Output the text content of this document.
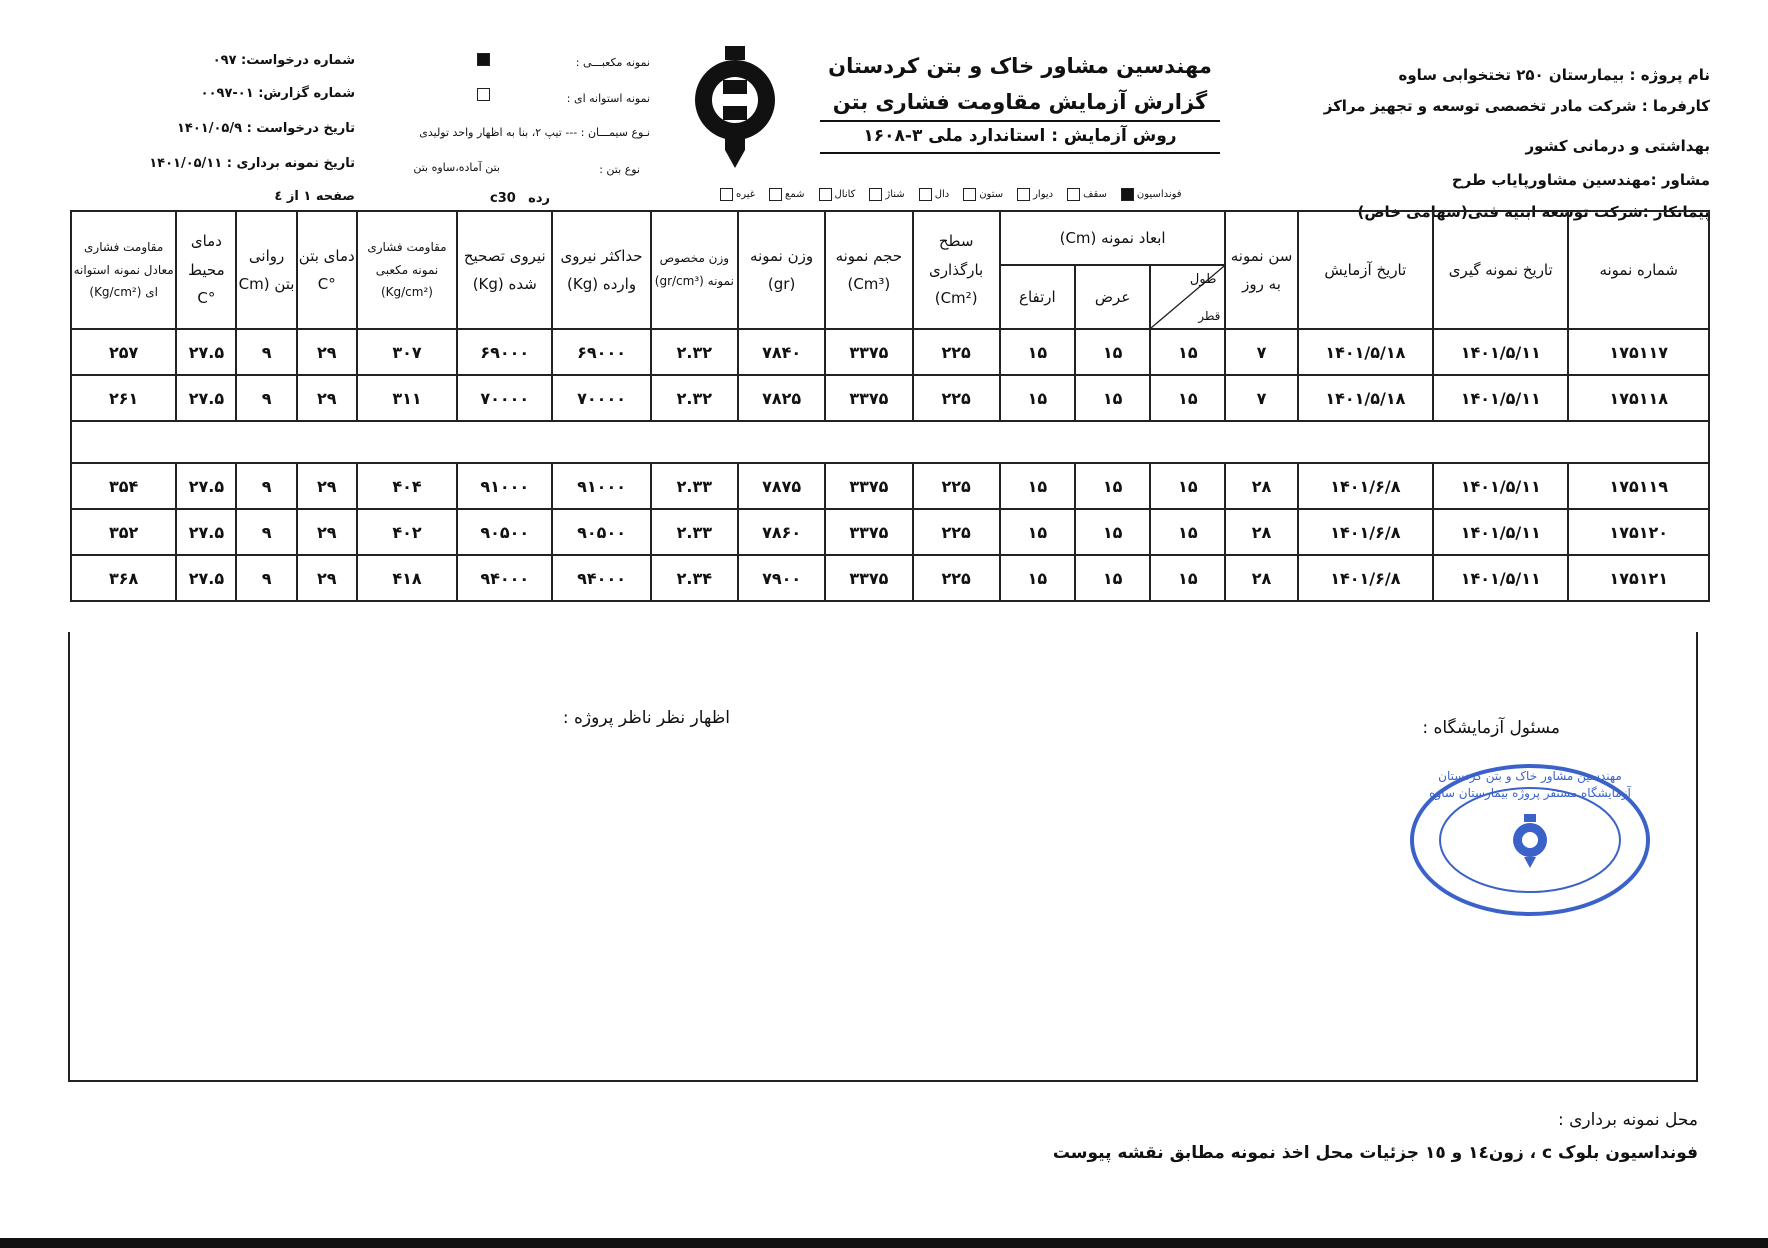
نام پروژه : بیمارستان ۲۵۰ تختخوابی ساوه
کارفرما : شرکت مادر تخصصی توسعه و تجهیز مراکز
بهداشتی و درمانی کشور
مشاور :مهندسین مشاورپایاب طرح
پیمانکار :شرکت توسعه ابنیه فنی(سهامی خاص)
مهندسین مشاور خاک و بتن کردستان
گزارش آزمایش مقاومت فشاری بتن
روش آزمایش : استاندارد ملی ۳-۱۶۰۸
نمونه مکعبـــی :
نمونه استوانه ای :
نـوع سیمـــان : --- تیپ ۲، بنا به اظهار واحد تولیدی
نوع بتن :
بتن آماده،ساوه بتن
شماره درخواست: ۰۹۷
شماره گزارش: ۰۱-۰۰۹۷
تاریخ درخواست : ۱۴۰۱/۰۵/۹
تاریخ نمونه برداری : ۱۴۰۱/۰۵/۱۱
صفحه ۱ از ٤	رده
c30	فونداسیون
سقف
دیوار
ستون
دال
شناژ
کانال
شمع
غیره
مقاومت فشاری معادل نمونه استوانه ای (Kg/cm²)	دمای محیط °C	روانی بتن (Cm	دمای بتن °C	مقاومت فشاری نمونه مکعبی (Kg/cm²)	نیروی تصحیح شده (Kg)	حداکثر نیروی وارده (Kg)	وزن مخصوص نمونه (gr/cm³)	وزن نمونه (gr)	حجم نمونه (Cm³)	سطح بارگذاری (Cm²)	ابعاد نمونه (Cm)			سن نمونه به روز	تاریخ آزمایش	تاریخ نمونه گیری	شماره نمونه
											ارتفاع	عرض	طول
قطر				

۲۵۷	۲۷.۵	۹	۲۹	۳۰۷	۶۹۰۰۰	۶۹۰۰۰	۲.۳۲	۷۸۴۰	۳۳۷۵	۲۲۵	۱۵	۱۵	۱۵	۷	۱۴۰۱/۵/۱۸	۱۴۰۱/۵/۱۱	۱۷۵۱۱۷
۲۶۱	۲۷.۵	۹	۲۹	۳۱۱	۷۰۰۰۰	۷۰۰۰۰	۲.۳۲	۷۸۲۵	۳۳۷۵	۲۲۵	۱۵	۱۵	۱۵	۷	۱۴۰۱/۵/۱۸	۱۴۰۱/۵/۱۱	۱۷۵۱۱۸

۳۵۴	۲۷.۵	۹	۲۹	۴۰۴	۹۱۰۰۰	۹۱۰۰۰	۲.۳۳	۷۸۷۵	۳۳۷۵	۲۲۵	۱۵	۱۵	۱۵	۲۸	۱۴۰۱/۶/۸	۱۴۰۱/۵/۱۱	۱۷۵۱۱۹
۳۵۲	۲۷.۵	۹	۲۹	۴۰۲	۹۰۵۰۰	۹۰۵۰۰	۲.۳۳	۷۸۶۰	۳۳۷۵	۲۲۵	۱۵	۱۵	۱۵	۲۸	۱۴۰۱/۶/۸	۱۴۰۱/۵/۱۱	۱۷۵۱۲۰
۳۶۸	۲۷.۵	۹	۲۹	۴۱۸	۹۴۰۰۰	۹۴۰۰۰	۲.۳۴	۷۹۰۰	۳۳۷۵	۲۲۵	۱۵	۱۵	۱۵	۲۸	۱۴۰۱/۶/۸	۱۴۰۱/۵/۱۱	۱۷۵۱۲۱
اظهار نظر ناظر پروژه :	مسئول آزمایشگاه :
مهندسین مشاور خاک و بتن کردستان آزمایشگاه مستقر پروژه بیمارستان ساوه
محل نمونه برداری :
فونداسیون بلوک c ، زون١٤ و ١٥ جزئیات محل اخذ نمونه مطابق نقشه پیوست
